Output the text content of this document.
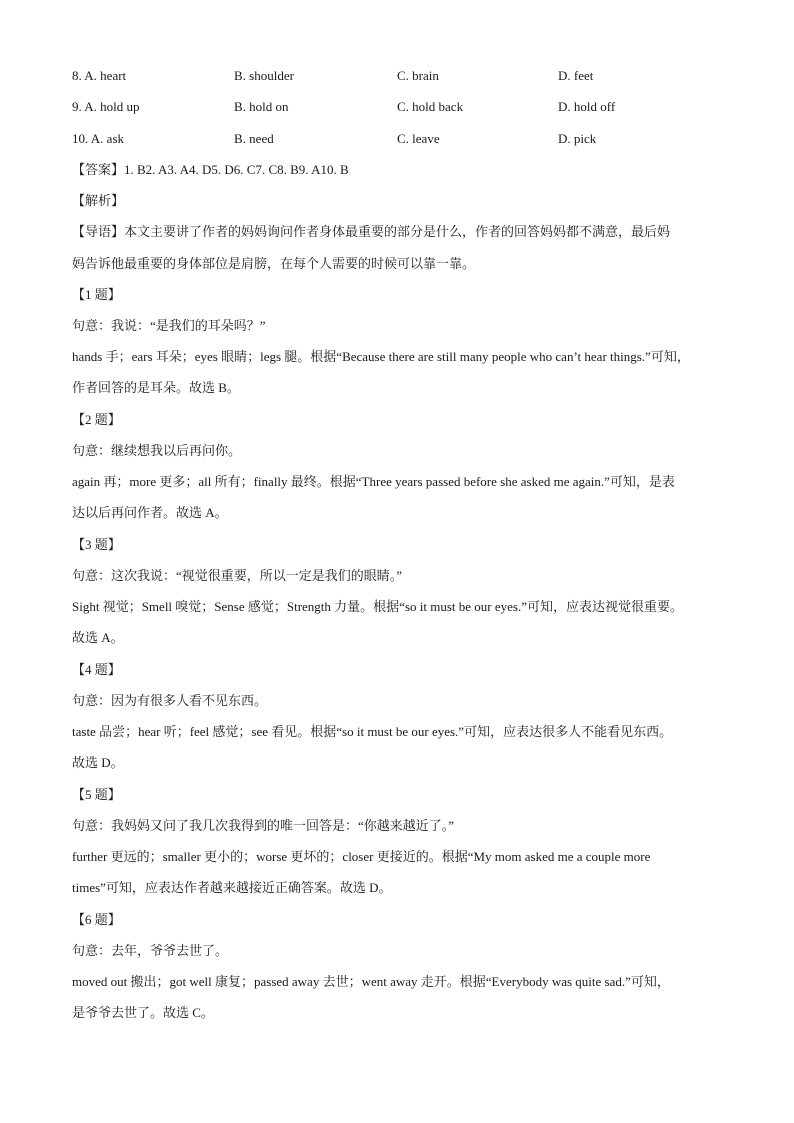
8. A. heart	B. shoulder	C. brain	D. feet
9. A. hold up	B. hold on	C. hold back	D. hold off
10. A. ask	B. need	C. leave	D. pick
【答案】1. B2. A3. A4. D5. D6. C7. C8. B9. A10. B
【解析】
【导语】本文主要讲了作者的妈妈询问作者身体最重要的部分是什么，作者的回答妈妈都不满意，最后妈
妈告诉他最重要的身体部位是肩膀，在每个人需要的时候可以靠一靠。
【1 题】
句意：我说：“是我们的耳朵吗？”
hands 手；ears 耳朵；eyes 眼睛；legs 腿。根据“Because there are still many people who can’t hear things.”可知，
作者回答的是耳朵。故选 B。
【2 题】
句意：继续想我以后再问你。
again 再；more 更多；all 所有；finally 最终。根据“Three years passed before she asked me again.”可知，是表
达以后再问作者。故选 A。
【3 题】
句意：这次我说：“视觉很重要，所以一定是我们的眼睛。”
Sight 视觉；Smell 嗅觉；Sense 感觉；Strength 力量。根据“so it must be our eyes.”可知，应表达视觉很重要。
故选 A。
【4 题】
句意：因为有很多人看不见东西。
taste 品尝；hear 听；feel 感觉；see 看见。根据“so it must be our eyes.”可知，应表达很多人不能看见东西。
故选 D。
【5 题】
句意：我妈妈又问了我几次我得到的唯一回答是：“你越来越近了。”
further 更远的；smaller 更小的；worse 更坏的；closer 更接近的。根据“My mom asked me a couple more
times”可知，应表达作者越来越接近正确答案。故选 D。
【6 题】
句意：去年，爷爷去世了。
moved out 搬出；got well 康复；passed away 去世；went away 走开。根据“Everybody was quite sad.”可知，
是爷爷去世了。故选 C。
